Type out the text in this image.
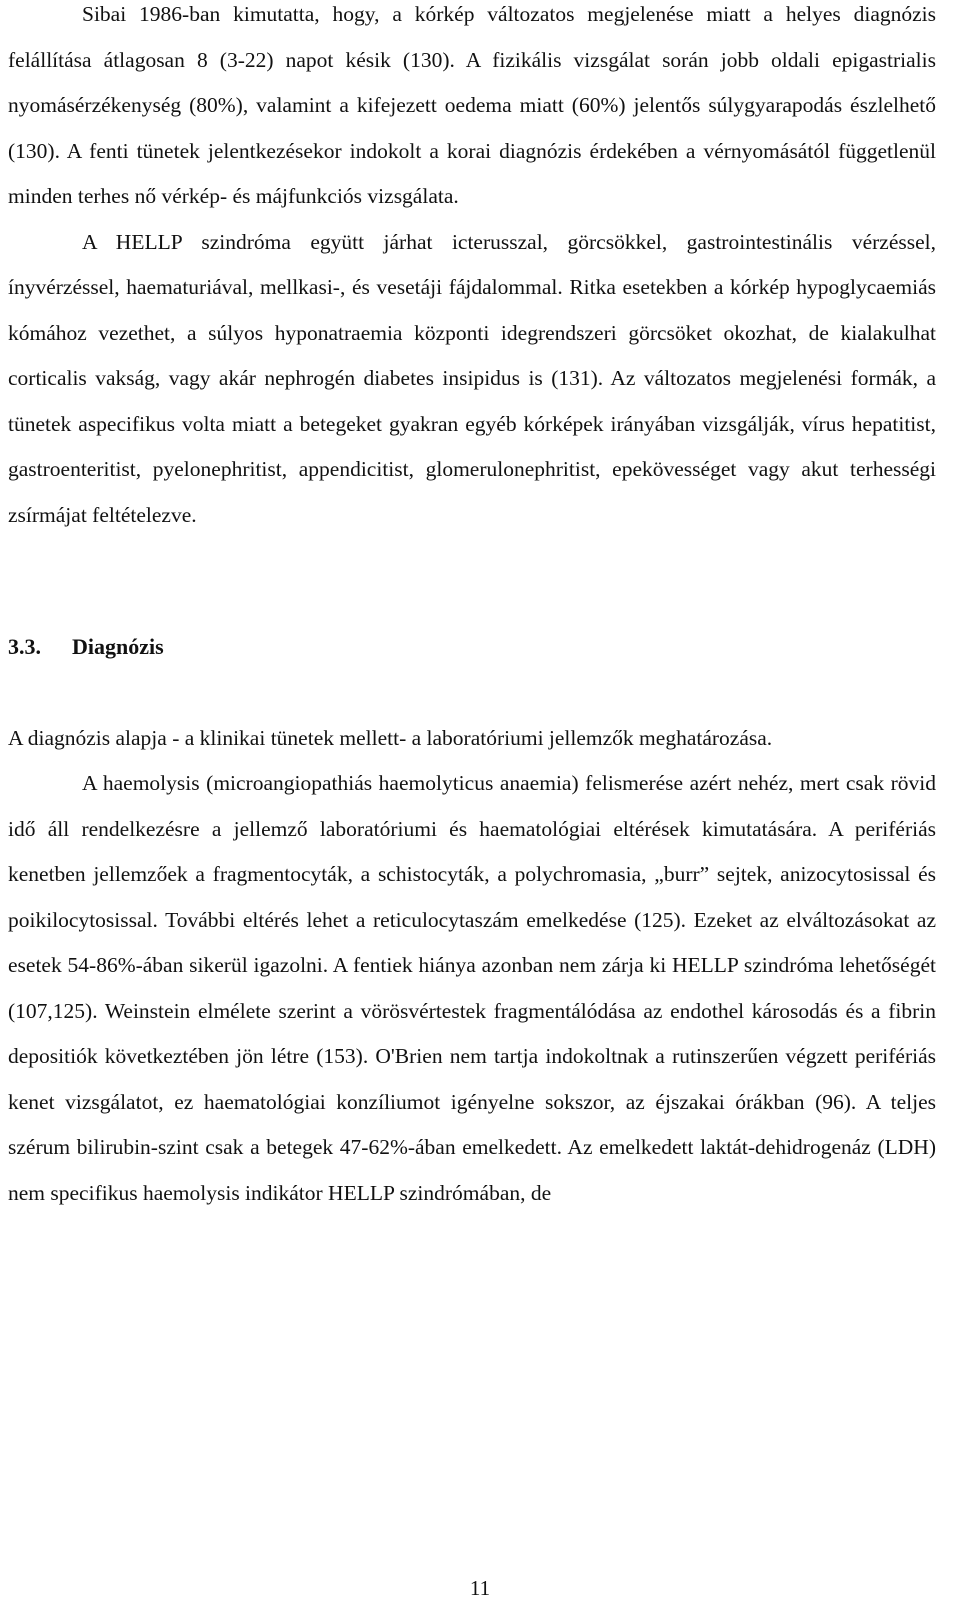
Sibai 1986-ban kimutatta, hogy, a kórkép változatos megjelenése miatt a helyes diagnózis felállítása átlagosan 8 (3-22) napot késik (130). A fizikális vizsgálat során jobb oldali epigastrialis nyomásérzékenység (80%), valamint a kifejezett oedema miatt (60%) jelentős súlygyarapodás észlelhető (130). A fenti tünetek jelentkezésekor indokolt a korai diagnózis érdekében a vérnyomásától függetlenül minden terhes nő vérkép- és májfunkciós vizsgálata.

A HELLP szindróma együtt járhat icterusszal, görcsökkel, gastrointestinális vérzéssel, ínyvérzéssel, haematuriával, mellkasi-, és vesetáji fájdalommal. Ritka esetekben a kórkép hypoglycaemiás kómához vezethet, a súlyos hyponatraemia központi idegrendszeri görcsöket okozhat, de kialakulhat corticalis vakság, vagy akár nephrogén diabetes insipidus is (131). Az változatos megjelenési formák, a tünetek aspecifikus volta miatt a betegeket gyakran egyéb kórképek irányában vizsgálják, vírus hepatitist, gastroenteritist, pyelonephritist, appendicitist, glomerulonephritist, epekövességet vagy akut terhességi zsírmájat feltételezve.

3.3. Diagnózis

A diagnózis alapja - a klinikai tünetek mellett- a laboratóriumi jellemzők meghatározása.

A haemolysis (microangiopathiás haemolyticus anaemia) felismerése azért nehéz, mert csak rövid idő áll rendelkezésre a jellemző laboratóriumi és haematológiai eltérések kimutatására. A perifériás kenetben jellemzőek a fragmentocyták, a schistocyták, a polychromasia, „burr” sejtek, anizocytosissal és poikilocytosissal. További eltérés lehet a reticulocytaszám emelkedése (125). Ezeket az elváltozásokat az esetek 54-86%-ában sikerül igazolni. A fentiek hiánya azonban nem zárja ki HELLP szindróma lehetőségét (107,125). Weinstein elmélete szerint a vörösvértestek fragmentálódása az endothel károsodás és a fibrin depositiók következtében jön létre (153). O'Brien nem tartja indokoltnak a rutinszerűen végzett perifériás kenet vizsgálatot, ez haematológiai konzíliumot igényelne sokszor, az éjszakai órákban (96). A teljes szérum bilirubin-szint csak a betegek 47-62%-ában emelkedett. Az emelkedett laktát-dehidrogenáz (LDH) nem specifikus haemolysis indikátor HELLP szindrómában, de

11
